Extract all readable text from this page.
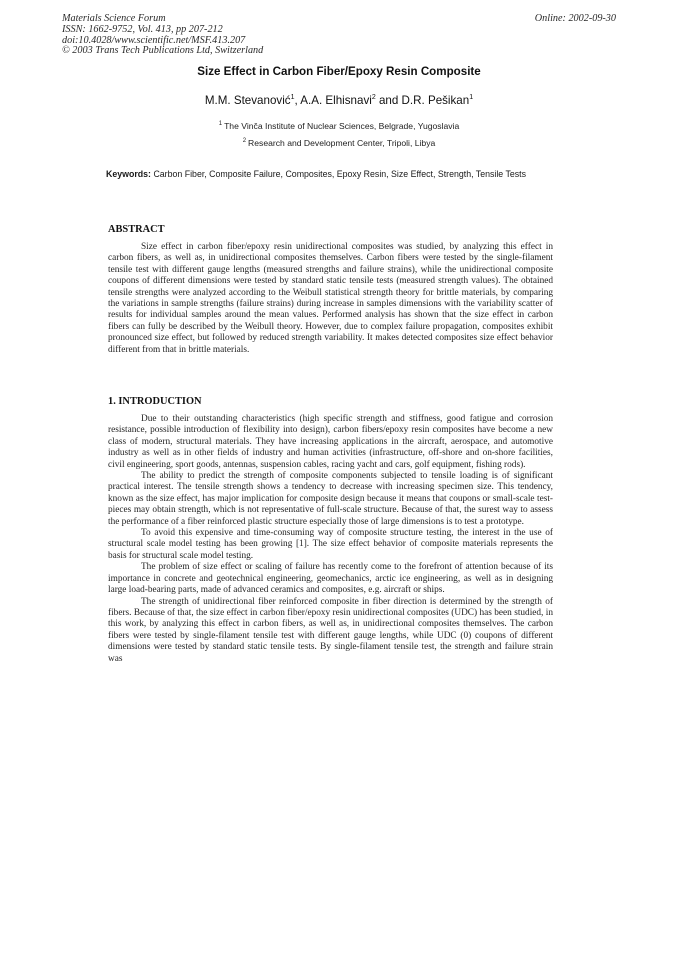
Materials Science Forum
ISSN: 1662-9752, Vol. 413, pp 207-212
doi:10.4028/www.scientific.net/MSF.413.207
© 2003 Trans Tech Publications Ltd, Switzerland
Online: 2002-09-30
Size Effect in Carbon Fiber/Epoxy Resin Composite
M.M. Stevanović$^1$, A.A. Elhisnavi$^2$ and D.R. Pešikan$^1$
$^1$ The Vinča Institute of Nuclear Sciences, Belgrade, Yugoslavia
$^2$ Research and Development Center, Tripoli, Libya
Keywords: Carbon Fiber, Composite Failure, Composites, Epoxy Resin, Size Effect, Strength, Tensile Tests
ABSTRACT

Size effect in carbon fiber/epoxy resin unidirectional composites was studied, by analyzing this effect in carbon fibers, as well as, in unidirectional composites themselves. Carbon fibers were tested by the single-filament tensile test with different gauge lengths (measured strengths and failure strains), while the unidirectional composite coupons of different dimensions were tested by standard static tensile tests (measured strength values). The obtained tensile strengths were analyzed according to the Weibull statistical strength theory for brittle materials, by comparing the variations in sample strengths (failure strains) during increase in samples dimensions with the variability scatter of results for individual samples around the mean values. Performed analysis has shown that the size effect in carbon fibers can fully be described by the Weibull theory. However, due to complex failure propagation, composites exhibit pronounced size effect, but followed by reduced strength variability. It makes detected composites size effect behavior different from that in brittle materials.

1. INTRODUCTION

Due to their outstanding characteristics (high specific strength and stiffness, good fatigue and corrosion resistance, possible introduction of flexibility into design), carbon fibers/epoxy resin composites have become a new class of modern, structural materials. They have increasing applications in the aircraft, aerospace, and automotive industry as well as in other fields of industry and human activities (infrastructure, off-shore and on-shore facilities, civil engineering, sport goods, antennas, suspension cables, racing yacht and cars, golf equipment, fishing rods).

The ability to predict the strength of composite components subjected to tensile loading is of significant practical interest. The tensile strength shows a tendency to decrease with increasing specimen size. This tendency, known as the size effect, has major implication for composite design because it means that coupons or small-scale test-pieces may obtain strength, which is not representative of full-scale structure. Because of that, the surest way to assess the performance of a fiber reinforced plastic structure especially those of large dimensions is to test a prototype.

To avoid this expensive and time-consuming way of composite structure testing, the interest in the use of structural scale model testing has been growing [1]. The size effect behavior of composite materials represents the basis for structural scale model testing.

The problem of size effect or scaling of failure has recently come to the forefront of attention because of its importance in concrete and geotechnical engineering, geomechanics, arctic ice engineering, as well as in designing large load-bearing parts, made of advanced ceramics and composites, e.g. aircraft or ships.

The strength of unidirectional fiber reinforced composite in fiber direction is determined by the strength of fibers. Because of that, the size effect in carbon fiber/epoxy resin unidirectional composites (UDC) has been studied, in this work, by analyzing this effect in carbon fibers, as well as, in unidirectional composites themselves. The carbon fibers were tested by single-filament tensile test with different gauge lengths, while UDC (0) coupons of different dimensions were tested by standard static tensile tests. By single-filament tensile test, the strength and failure strain was
